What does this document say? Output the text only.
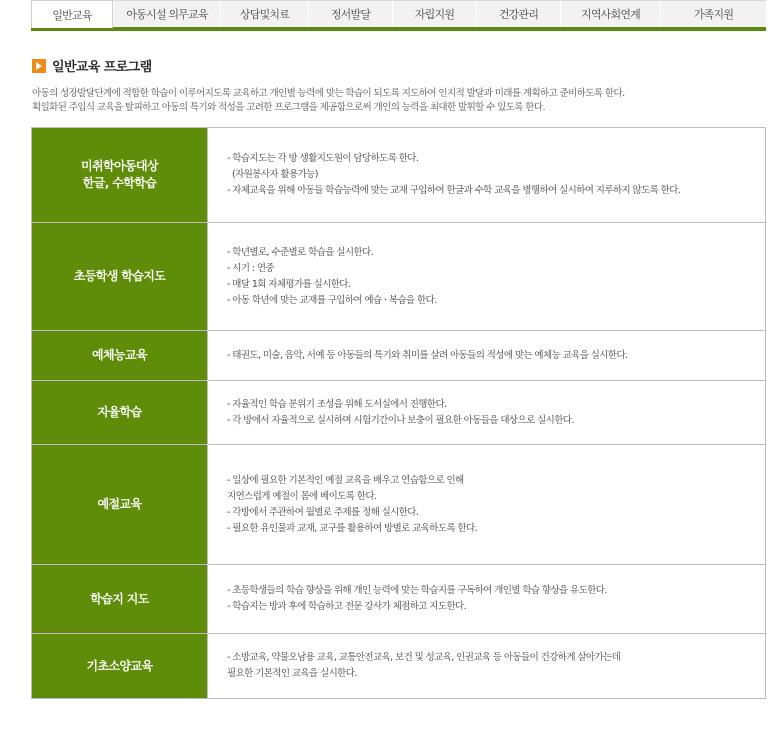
일반교육	아동시설 의무교육	상담및치료	정서발달	자립지원	건강관리	지역사회연계	가족지원
일반교육 프로그램
아동의 성장발달단계에 적합한 학습이 이루어지도록 교육하고 개인별 능력에 맞는 학습이 되도록 지도하여 인지적 발달과 미래를 계획하고 준비하도록 한다.
획일화된 주입식 교육을 탈피하고 아동의 특기와 적성을 고려한 프로그램을 제공함으로써 개인의 능력을 최대한 발휘할 수 있도록 한다.
미취학아동대상
한글, 수학학습	- 학습지도는 각 방 생활지도원이 담당하도록 한다.
(자원봉사자 활용가능)
- 자체교육을 위해 아동들 학습능력에 맞는 교재 구입하여 한글과 수학 교육을 병행하여 실시하여 지루하지 않도록 한다.

초등학생 학습지도	- 학년별로, 수준별로 학습을 실시한다.
- 시기 : 연중
- 매달 1회 자체평가를 실시한다.
- 아동 학년에 맞는 교재를 구입하여 예습 · 복습을 한다.

예체능교육	- 태권도, 미술, 음악, 서예 등 아동들의 특기와 취미를 살려 아동들의 적성에 맞는 예체능 교육을 실시한다.

자율학습	- 자율적인 학습 분위기 조성을 위해 도서실에서 진행한다.
- 각 방에서 자율적으로 실시하며 시험기간이나 보충이 필요한 아동들을 대상으로 실시한다.

예절교육	- 일상에 필요한 기본적인 예절 교육을 배우고 연습함으로 인해
지연스럽게 예절이 몸에 베이도록 한다.
- 각방에서 주관하여 월별로 주제를 정해 실시한다.
- 필요한 유인물과 교재, 교구를 활용하여 방별로 교육하도록 한다.

학습지 지도	- 초등학생들의 학습 향상을 위해 개인 능력에 맞는 학습지를 구독하여 개인별 학습 향상을 유도한다.
- 학습지는 방과 후에 학습하고 전문 강사가 체점하고 지도한다.

기초소양교육	- 소방교육, 약물오남용 교육, 교통안전교육, 보건 및 성교육, 인권교육 등 아동들이 건강하게 살아가는데
필요한 기본적인 교육을 실시한다.
